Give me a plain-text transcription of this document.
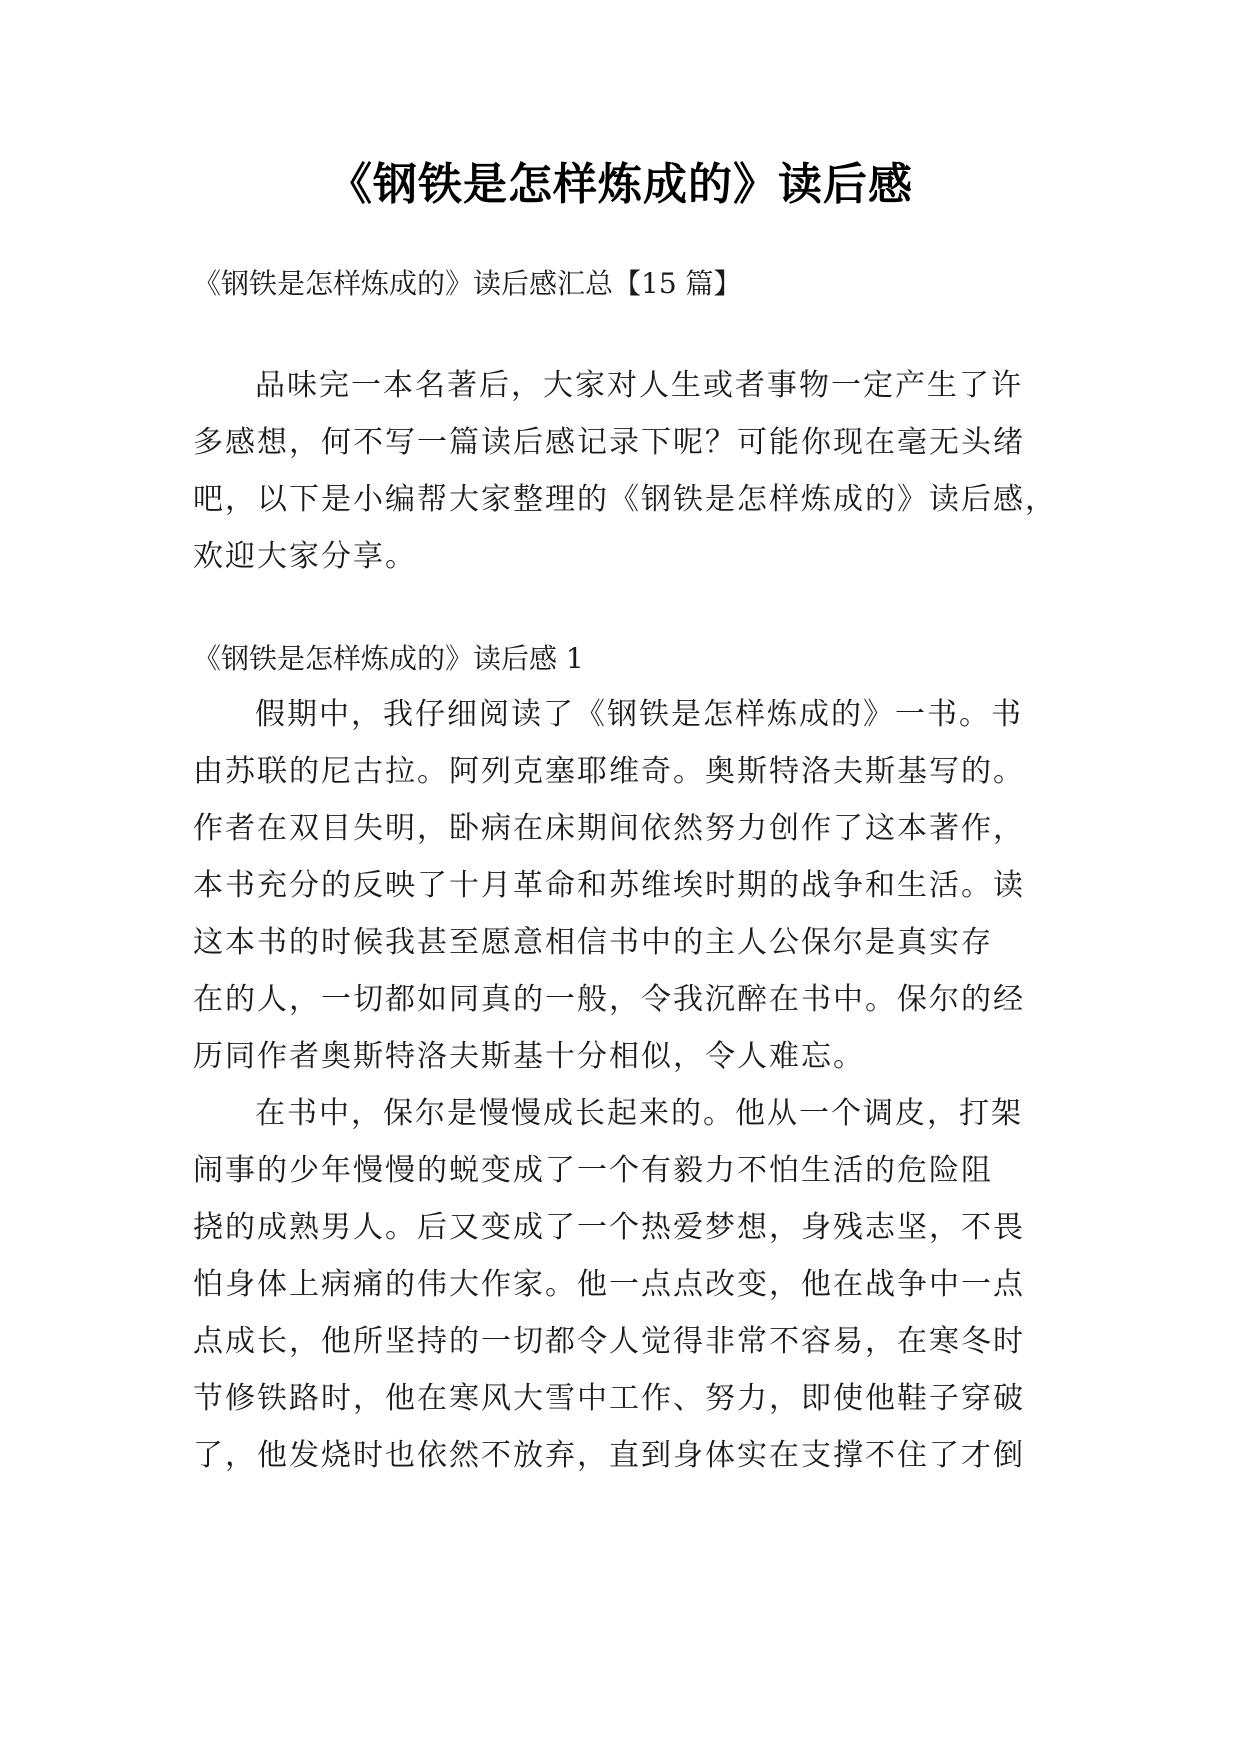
《钢铁是怎样炼成的》读后感
《钢铁是怎样炼成的》读后感汇总【15 篇】
品味完一本名著后，大家对人生或者事物一定产生了许
多感想，何不写一篇读后感记录下呢？可能你现在毫无头绪
吧，以下是小编帮大家整理的《钢铁是怎样炼成的》读后感，
欢迎大家分享。
《钢铁是怎样炼成的》读后感 1
假期中，我仔细阅读了《钢铁是怎样炼成的》一书。书
由苏联的尼古拉。阿列克塞耶维奇。奥斯特洛夫斯基写的。
作者在双目失明，卧病在床期间依然努力创作了这本著作，
本书充分的反映了十月革命和苏维埃时期的战争和生活。读
这本书的时候我甚至愿意相信书中的主人公保尔是真实存
在的人，一切都如同真的一般，令我沉醉在书中。保尔的经
历同作者奥斯特洛夫斯基十分相似，令人难忘。
在书中，保尔是慢慢成长起来的。他从一个调皮，打架
闹事的少年慢慢的蜕变成了一个有毅力不怕生活的危险阻
挠的成熟男人。后又变成了一个热爱梦想，身残志坚，不畏
怕身体上病痛的伟大作家。他一点点改变，他在战争中一点
点成长，他所坚持的一切都令人觉得非常不容易，在寒冬时
节修铁路时，他在寒风大雪中工作、努力，即使他鞋子穿破
了，他发烧时也依然不放弃，直到身体实在支撑不住了才倒
